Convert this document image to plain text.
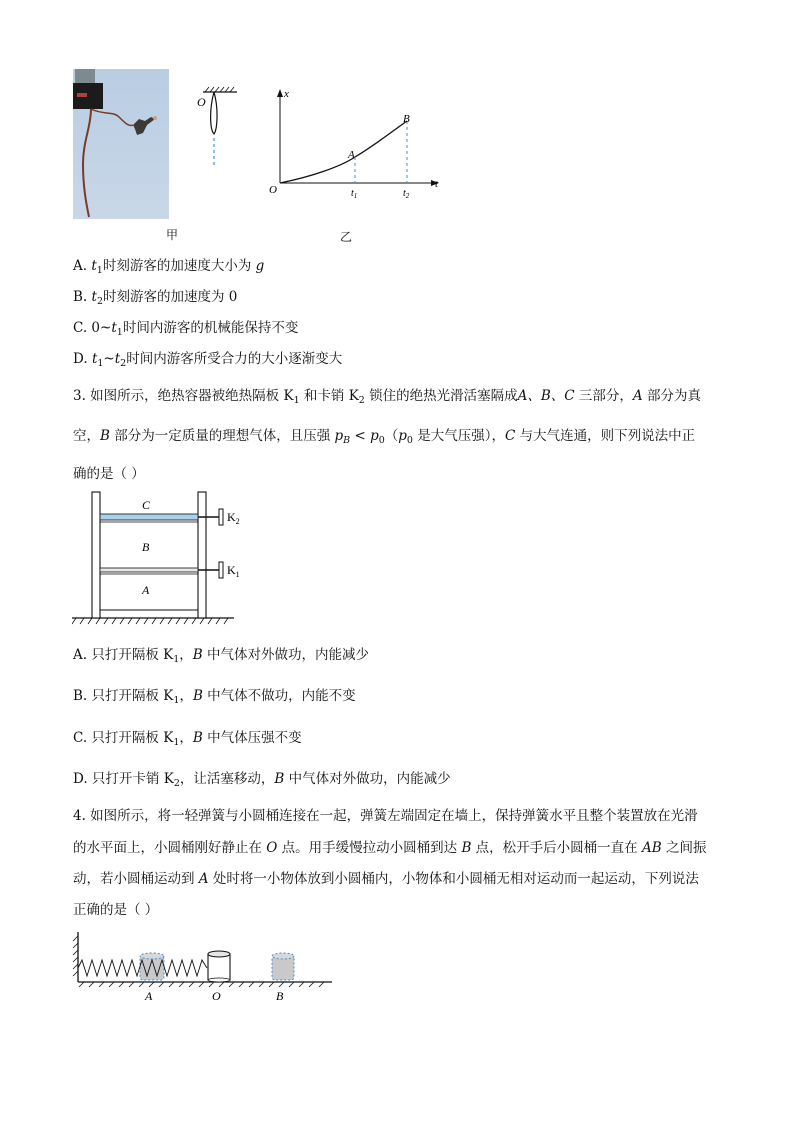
O
x
t
O
A
B
$t_1$	$t_2$
甲	乙
A. $t_1$时刻游客的加速度大小为 g
B. $t_2$时刻游客的加速度为 0
C. $0\sim t_1$时间内游客的机械能保持不变
D. $t_1\sim t_2$时间内游客所受合力的大小逐渐变大
3. 如图所示，绝热容器被绝热隔板 $K_1$ 和卡销 $K_2$ 锁住的绝热光滑活塞隔成A、B、C 三部分，A 部分为真
空，B 部分为一定质量的理想气体，且压强 $p_B < p_0(p_0$ 是大气压强），C 与大气连通，则下列说法中正
确的是（ ）
C
B
A
$K_2$
$K_1$
A. 只打开隔板 $K_1$，B 中气体对外做功，内能减少
B. 只打开隔板 $K_1$，B 中气体不做功，内能不变
C. 只打开隔板 $K_1$，B 中气体压强不变
D. 只打开卡销 $K_2$，让活塞移动，B 中气体对外做功，内能减少
4. 如图所示，将一轻弹簧与小圆桶连接在一起，弹簧左端固定在墙上，保持弹簧水平且整个装置放在光滑
的水平面上，小圆桶刚好静止在 O 点。用手缓慢拉动小圆桶到达 B 点，松开手后小圆桶一直在 AB 之间振
动，若小圆桶运动到 A 处时将一小物体放到小圆桶内，小物体和小圆桶无相对运动而一起运动，下列说法
正确的是（ ）
A	O	B
